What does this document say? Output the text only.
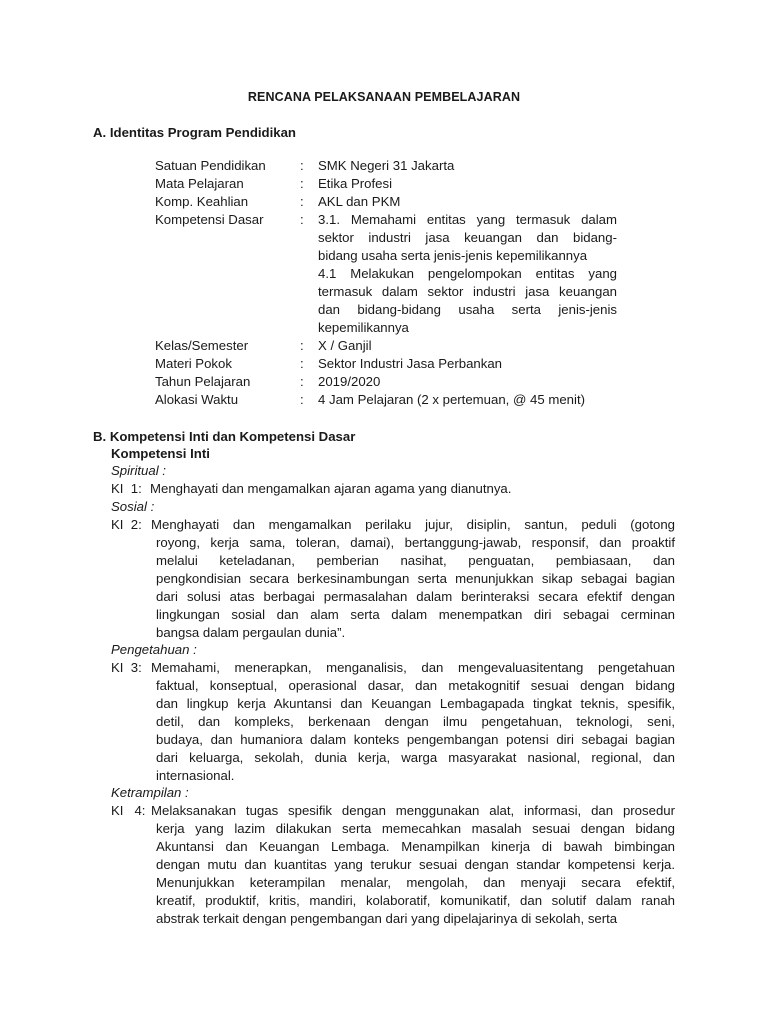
RENCANA PELAKSANAAN PEMBELAJARAN
A. Identitas Program Pendidikan
Satuan Pendidikan	:	SMK Negeri 31 Jakarta
Mata Pelajaran	:	Etika Profesi
Komp. Keahlian	:	AKL dan PKM
Kompetensi Dasar	:	3.1. Memahami entitas yang termasuk dalam
sektor industri jasa keuangan dan bidang-
bidang usaha serta jenis-jenis kepemilikannya
4.1 Melakukan pengelompokan entitas yang
termasuk dalam sektor industri jasa keuangan
dan bidang-bidang usaha serta jenis-jenis
kepemilikannya
Kelas/Semester	:	X / Ganjil
Materi Pokok	:	Sektor Industri Jasa Perbankan
Tahun Pelajaran	:	2019/2020
Alokasi Waktu	:	4 Jam Pelajaran (2 x pertemuan, @ 45 menit)
B. Kompetensi Inti dan Kompetensi Dasar
Kompetensi Inti
Spiritual :
KI  1: Menghayati dan mengamalkan ajaran agama yang dianutnya.
Sosial :
KI  2: Menghayati dan mengamalkan perilaku jujur, disiplin, santun, peduli (gotong
royong, kerja sama, toleran, damai), bertanggung-jawab, responsif, dan proaktif
melalui keteladanan, pemberian nasihat, penguatan, pembiasaan, dan
pengkondisian secara berkesinambungan serta menunjukkan sikap sebagai bagian
dari solusi atas berbagai permasalahan dalam berinteraksi secara efektif dengan
lingkungan sosial dan alam serta dalam menempatkan diri sebagai cerminan
bangsa dalam pergaulan dunia”.
Pengetahuan :
KI  3: Memahami, menerapkan, menganalisis, dan mengevaluasitentang pengetahuan
faktual, konseptual, operasional dasar, dan metakognitif sesuai dengan bidang
dan lingkup kerja Akuntansi dan Keuangan Lembagapada tingkat teknis, spesifik,
detil, dan kompleks, berkenaan dengan ilmu pengetahuan, teknologi, seni,
budaya, dan humaniora dalam konteks pengembangan potensi diri sebagai bagian
dari keluarga, sekolah, dunia kerja, warga masyarakat nasional, regional, dan
internasional.
Ketrampilan :
KI   4: Melaksanakan tugas spesifik dengan menggunakan alat, informasi, dan prosedur
kerja yang lazim dilakukan serta memecahkan masalah sesuai dengan bidang
Akuntansi dan Keuangan Lembaga. Menampilkan kinerja di bawah bimbingan
dengan mutu dan kuantitas yang terukur sesuai dengan standar kompetensi kerja.
Menunjukkan keterampilan menalar, mengolah, dan menyaji secara efektif,
kreatif, produktif, kritis, mandiri, kolaboratif, komunikatif, dan solutif dalam ranah
abstrak terkait dengan pengembangan dari yang dipelajarinya di sekolah, serta
